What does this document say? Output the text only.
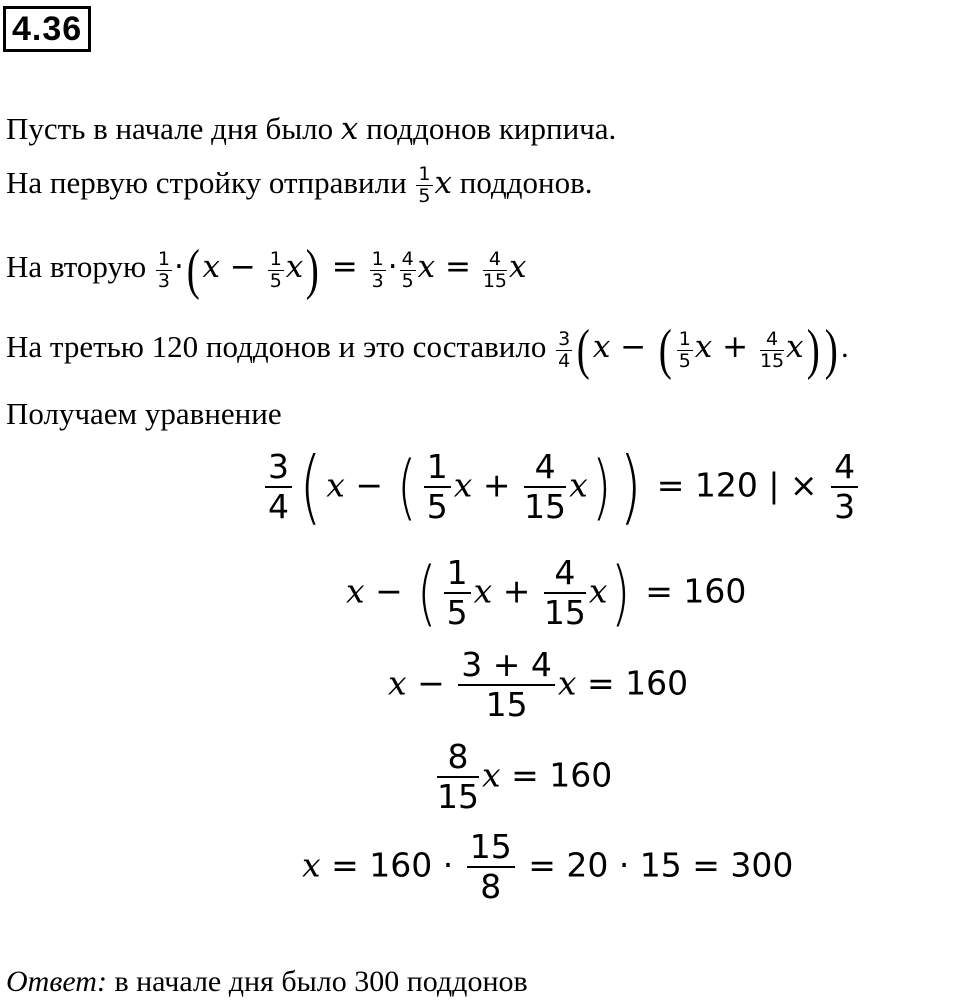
4.36
Пусть в начале дня было x поддонов кирпича.
На первую стройку отправили $\frac{1}{5}$ x поддонов.
На вторую $\frac{1}{3} \cdot(x - \frac{1}{5} x) = \frac{1}{3} \cdot \frac{4}{5}$ $x = \frac{4}{15}$ x
На третью 120 поддонов и это составило $\frac{3}{4} (x$ − ( $\frac{1}{5}$ $x + \frac{4}{15} x$)).
Получаем уравнение
$\frac{3}{4}$ ( x − ( $\frac{1}{5}$ $x + \frac{4}{15} x$) ) = 120 | × $\frac{4}{3}$
x − ( $\frac{1}{5}$ $x + \frac{4}{15} x) = 160$
$x - \frac{3 + 4}{15}$ x = 160
$\frac{8}{15}$ x = 160
$x = 160 \cdot \frac{15}{8} = 20 \cdot 15 = 300$
Ответ: в начале дня было 300 поддонов
